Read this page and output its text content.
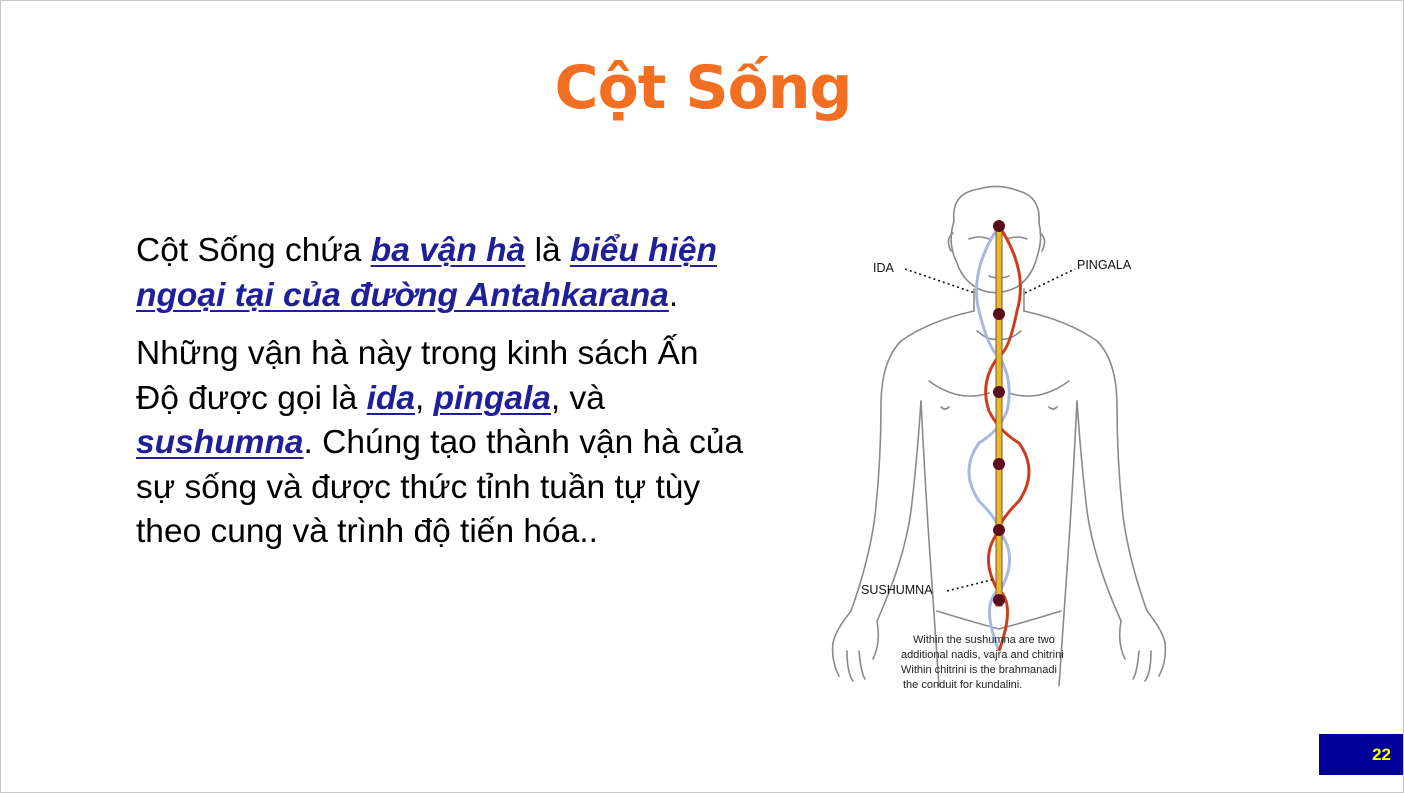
Cột Sống

Cột Sống chứa ba vận hà là biểu hiện ngoại tại của đường Antahkarana.

Những vận hà này trong kinh sách Ấn Độ được gọi là ida, pingala, và sushumna. Chúng tạo thành vận hà của sự sống và được thức tỉnh tuần tự tùy theo cung và trình độ tiến hóa..

IDA	PINGALA
SUSHUMNA
Within the sushumna are two
additional nadis, vajra and chitrini
Within chitrini is the brahmanadi
the conduit for kundalini.
22
